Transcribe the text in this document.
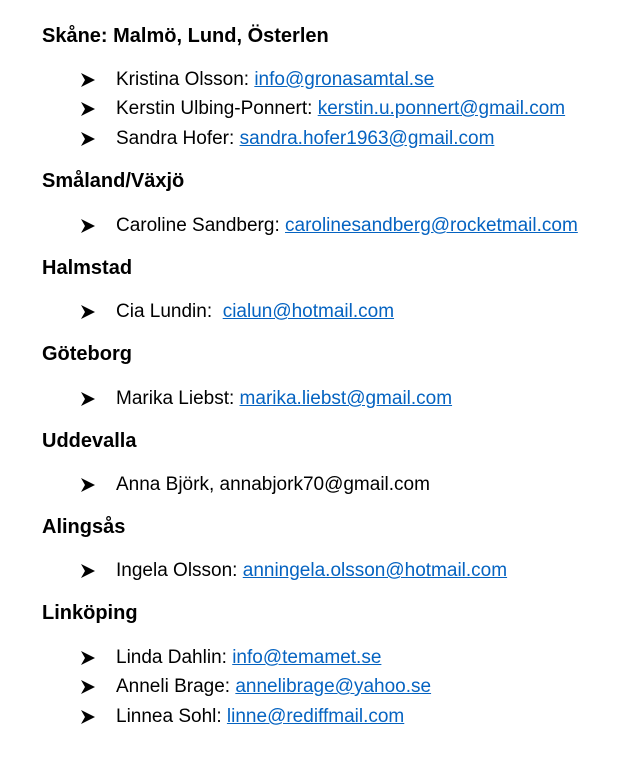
Skåne: Malmö, Lund, Österlen
Kristina Olsson: info@gronasamtal.se
Kerstin Ulbing-Ponnert: kerstin.u.ponnert@gmail.com
Sandra Hofer: sandra.hofer1963@gmail.com
Småland/Växjö
Caroline Sandberg: carolinesandberg@rocketmail.com
Halmstad
Cia Lundin:  cialun@hotmail.com
Göteborg
Marika Liebst: marika.liebst@gmail.com
Uddevalla
Anna Björk, annabjork70@gmail.com
Alingsås
Ingela Olsson: anningela.olsson@hotmail.com
Linköping
Linda Dahlin: info@temamet.se
Anneli Brage: annelibrage@yahoo.se
Linnea Sohl: linne@rediffmail.com
